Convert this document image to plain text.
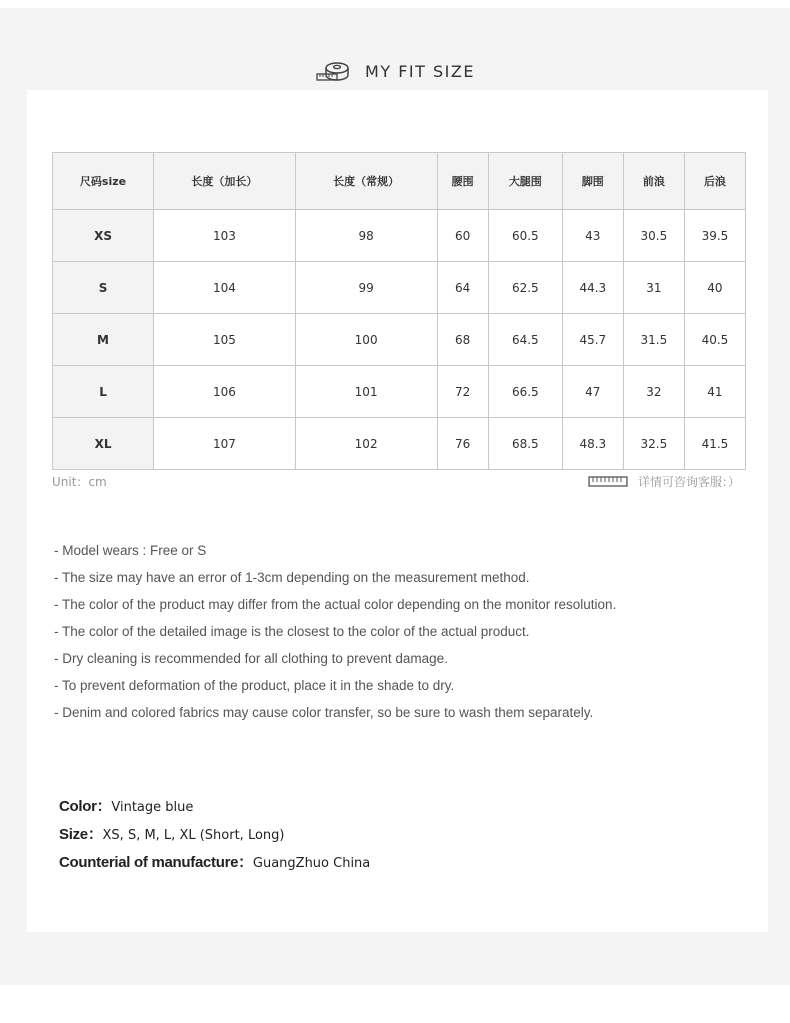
MY FIT SIZE
尺码size	长度（加长）	长度（常规）	腰围	大腿围	脚围	前浪	后浪
XS	103	98	60	60.5	43	30.5	39.5
S	104	99	64	62.5	44.3	31	40
M	105	100	68	64.5	45.7	31.5	40.5
L	106	101	72	66.5	47	32	41
XL	107	102	76	68.5	48.3	32.5	41.5
Unit：cm	详情可咨询客服：）
- Model wears : Free or S
- The size may have an error of 1-3cm depending on the measurement method.
- The color of the product may differ from the actual color depending on the monitor resolution.
- The color of the detailed image is the closest to the color of the actual product.
- Dry cleaning is recommended for all clothing to prevent damage.
- To prevent deformation of the product, place it in the shade to dry.
- Denim and colored fabrics may cause color transfer, so be sure to wash them separately.
Color：Vintage blue
Size：XS, S, M, L, XL (Short, Long)
Counterial of manufacture：GuangZhuo China
